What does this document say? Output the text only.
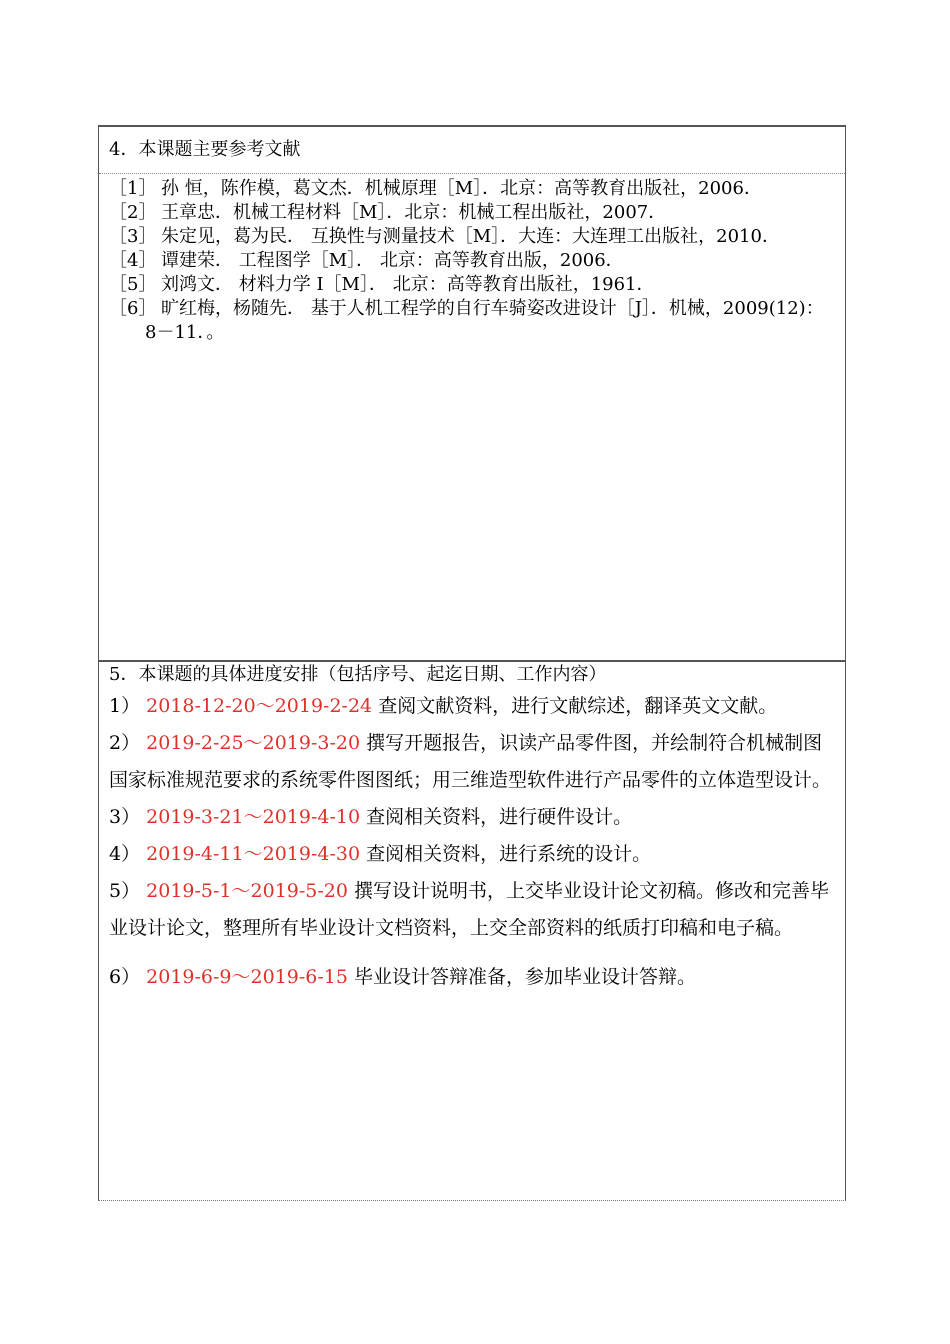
4．本课题主要参考文献

［1］ 孙 恒，陈作模，葛文杰．机械原理［M］．北京：高等教育出版社，2006．

［2］ 王章忠．机械工程材料［M］．北京：机械工程出版社，2007．

［3］ 朱定见，葛为民． 互换性与测量技术［M］．大连：大连理工出版社，2010．

［4］ 谭建荣． 工程图学［M］． 北京：高等教育出版，2006．

［5］ 刘鸿文． 材料力学 I［M］． 北京：高等教育出版社，1961．

［6］ 旷红梅，杨随先． 基于人机工程学的自行车骑姿改进设计［J］．机械，2009(12)：8－11．。

5．本课题的具体进度安排（包括序号、起迄日期、工作内容）

1） 2018-12-20～2019-2-24 查阅文献资料，进行文献综述，翻译英文文献。

2） 2019-2-25～2019-3-20 撰写开题报告，识读产品零件图，并绘制符合机械制图国家标准规范要求的系统零件图图纸；用三维造型软件进行产品零件的立体造型设计。

3） 2019-3-21～2019-4-10 查阅相关资料，进行硬件设计。

4） 2019-4-11～2019-4-30 查阅相关资料，进行系统的设计。

5） 2019-5-1～2019-5-20 撰写设计说明书，上交毕业设计论文初稿。修改和完善毕业设计论文，整理所有毕业设计文档资料，上交全部资料的纸质打印稿和电子稿。

6） 2019-6-9～2019-6-15 毕业设计答辩准备，参加毕业设计答辩。
